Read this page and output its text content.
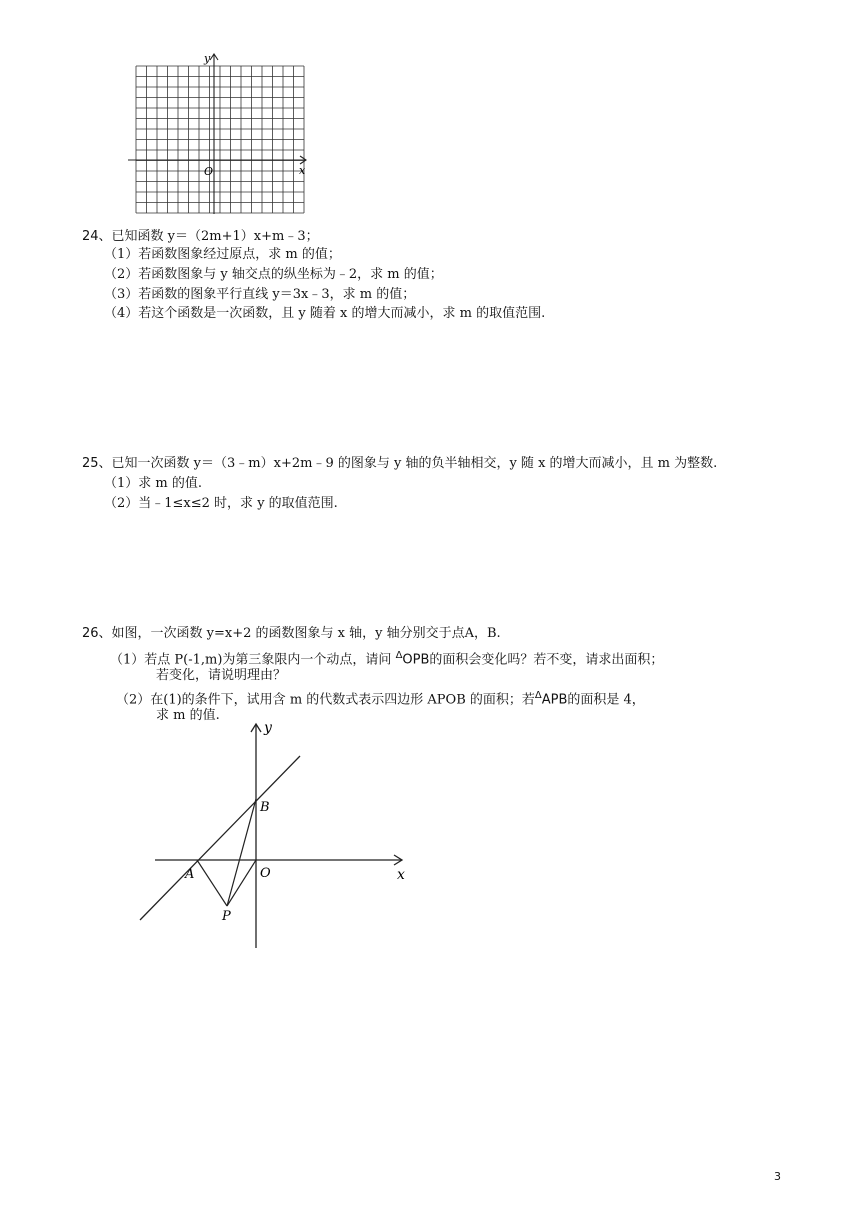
y
x
O
24、已知函数 y＝（2m+1）x+m﹣3；
（1）若函数图象经过原点，求 m 的值；
（2）若函数图象与 y 轴交点的纵坐标为﹣2，求 m 的值；
（3）若函数的图象平行直线 y＝3x﹣3，求 m 的值；
（4）若这个函数是一次函数，且 y 随着 x 的增大而减小，求 m 的取值范围.
25、已知一次函数 y＝（3﹣m）x+2m﹣9 的图象与 y 轴的负半轴相交，y 随 x 的增大而减小，且 m 为整数.
（1）求 m 的值.
（2）当﹣1≤x≤2 时，求 y 的取值范围.
26、如图，一次函数 y=x+2 的函数图象与 x 轴，y 轴分别交于点A，B.
（1）若点 P(-1,m)为第三象限内一个动点，请问 $^\Delta$OPB的面积会变化吗？若不变，请求出面积；
若变化，请说明理由？
（2）在(1)的条件下，试用含 m 的代数式表示四边形 APOB 的面积；若$^\Delta$APB的面积是 4，
求 m 的值.
y
x
B
A	O
P
3
